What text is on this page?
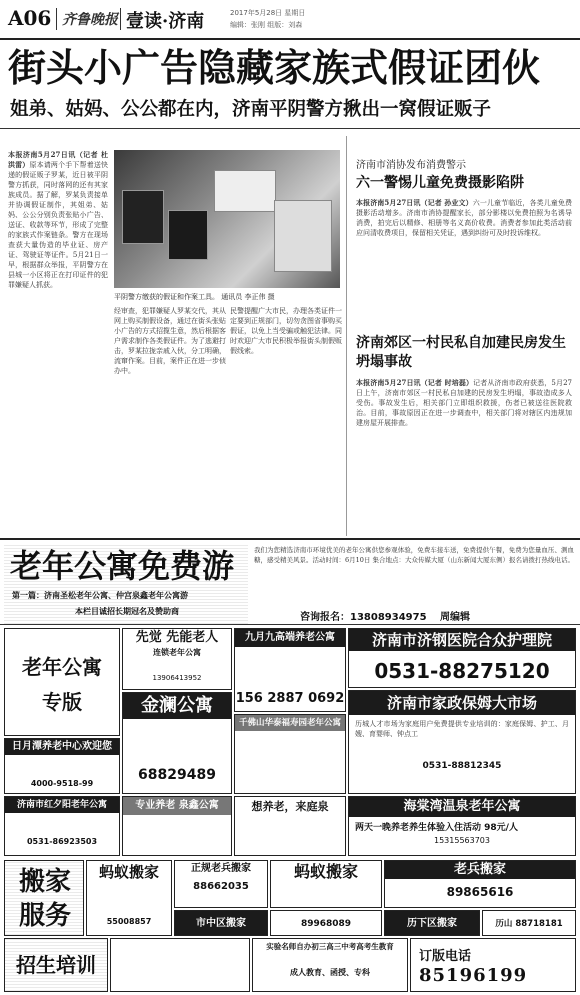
A06 齐鲁晚报 壹读·济南	2017年5月28日 星期日
编辑：张刚 组版：刘森
街头小广告隐藏家族式假证团伙
姐弟、姑妈、公公都在内，济南平阴警方揪出一窝假证贩子
本报济南5月27日讯（记者 杜洪雷）原本请两个手下帮着送快递的假证贩子罗某，近日被平阴警方抓获，同时落网的还有其家族成员。据了解，罗某负责接单并协调假证制作，其姐弟、姑妈、公公分别负责张贴小广告、送证、收款等环节，形成了完整的家族式作案链条。警方在现场查获大量伪造的毕业证、房产证、驾驶证等证件。5月21日一早，根据群众举报，平阴警方在县城一小区将正在打印证件的犯罪嫌疑人抓获。
平阴警方缴获的假证和作案工具。 通讯员 李正伟 摄
经审查，犯罪嫌疑人罗某交代，其从网上购买制假设备，通过在街头张贴小广告的方式招揽生意，然后根据客户需求制作各类假证件。为了逃避打击，罗某拉拢亲戚入伙，分工明确，流窜作案。目前，案件正在进一步侦办中。
民警提醒广大市民，办理各类证件一定要到正规部门，切勿贪图省事购买假证，以免上当受骗或触犯法律。同时欢迎广大市民积极举报街头制假贩假线索。
济南市消协发布消费警示
六一警惕儿童免费摄影陷阱
本报济南5月27日讯（记者 孙业文）六一儿童节临近，各类儿童免费摄影活动增多。济南市消协提醒家长，部分影楼以免费拍照为名诱导消费，拍完后以精修、相册等名义高价收费。消费者参加此类活动前应问清收费项目，保留相关凭证，遇到纠纷可及时投诉维权。
济南郊区一村民私自加建民房发生坍塌事故
本报济南5月27日讯（记者 时培磊）记者从济南市政府获悉，5月27日上午，济南市郊区一村民私自加建的民房发生坍塌，事故造成多人受伤。事故发生后，相关部门立即组织救援，伤者已被送往医院救治。目前，事故原因正在进一步调查中，相关部门将对辖区内违规加建房屋开展排查。
老年公寓免费游
第一篇：济南圣松老年公寓、仲宫泉鑫老年公寓游
本栏目诚招长期冠名及赞助商
我们为您精选济南市环境优美的老年公寓供您参观体验，免费车接车送，免费提供午餐，免费为您量血压、测血糖，感受精美风景。活动时间：6月10日 集合地点：大众传媒大厦（山东新闻大厦东侧）报名请拨打热线电话。
咨询报名：13808934975 周编辑
老年公寓
专版
日月潭养老中心欢迎您
4000-9518-99
先觉 先能老人
连锁老年公寓
13906413952
金澜公寓
68829489
九月九高端养老公寓
156 2887 0692
千佛山华泰福寿园老年公寓
济南市济钢医院合众护理院
0531-88275120
济南市家政保姆大市场
历城人才市场为家庭用户免费提供专业培训的：家庭保姆、护工、月嫂、育婴师、钟点工
0531-88812345
济南市红夕阳老年公寓
0531-86923503
专业养老 泉鑫公寓	想养老，来庭泉	海棠湾温泉老年公寓
两天一晚养老养生体验入住活动 98元/人
15315563703
搬家服务
蚂蚁搬家
55008857
正规老兵搬家
88662035
蚂蚁搬家	老兵搬家
89865616
市中区搬家	89968089	历下区搬家	历山 88718181
招生培训
实验名师自办初三高三中考高考生教育
成人教育、函授、专科
订版电话
85196199
